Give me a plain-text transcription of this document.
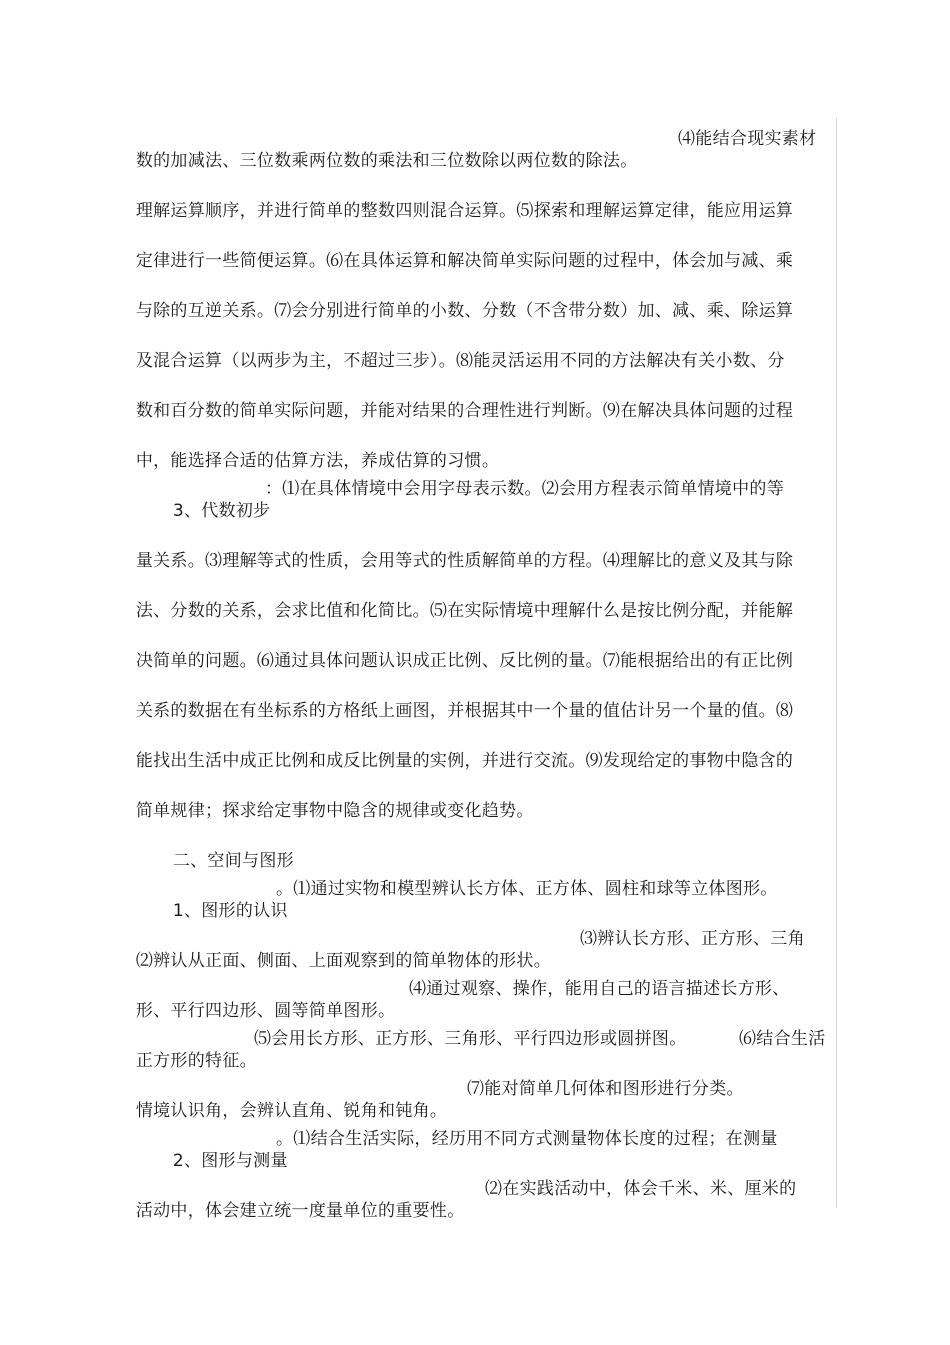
数的加减法、三位数乘两位数的乘法和三位数除以两位数的除法。

⑷能结合现实素材

理解运算顺序，并进行简单的整数四则混合运算。⑸探索和理解运算定律，能应用运算

定律进行一些简便运算。⑹在具体运算和解决简单实际问题的过程中，体会加与减、乘

与除的互逆关系。⑺会分别进行简单的小数、分数（不含带分数）加、减、乘、除运算

及混合运算（以两步为主，不超过三步）。⑻能灵活运用不同的方法解决有关小数、分

数和百分数的简单实际问题，并能对结果的合理性进行判断。⑼在解决具体问题的过程

中，能选择合适的估算方法，养成估算的习惯。

3、代数初步

：⑴在具体情境中会用字母表示数。⑵会用方程表示简单情境中的等

量关系。⑶理解等式的性质，会用等式的性质解简单的方程。⑷理解比的意义及其与除

法、分数的关系，会求比值和化简比。⑸在实际情境中理解什么是按比例分配，并能解

决简单的问题。⑹通过具体问题认识成正比例、反比例的量。⑺能根据给出的有正比例

关系的数据在有坐标系的方格纸上画图，并根据其中一个量的值估计另一个量的值。⑻

能找出生活中成正比例和成反比例量的实例，并进行交流。⑼发现给定的事物中隐含的

简单规律；探求给定事物中隐含的规律或变化趋势。

二、空间与图形

1、图形的认识

。⑴通过实物和模型辨认长方体、正方体、圆柱和球等立体图形。

⑵辨认从正面、侧面、上面观察到的简单物体的形状。

⑶辨认长方形、正方形、三角

形、平行四边形、圆等简单图形。

⑷通过观察、操作，能用自己的语言描述长方形、

正方形的特征。

⑸会用长方形、正方形、三角形、平行四边形或圆拼图。

	⑹结合生活

情境认识角，会辨认直角、锐角和钝角。

⑺能对简单几何体和图形进行分类。

2、图形与测量

。⑴结合生活实际，经历用不同方式测量物体长度的过程；在测量

活动中，体会建立统一度量单位的重要性。

⑵在实践活动中，体会千米、米、厘米的
